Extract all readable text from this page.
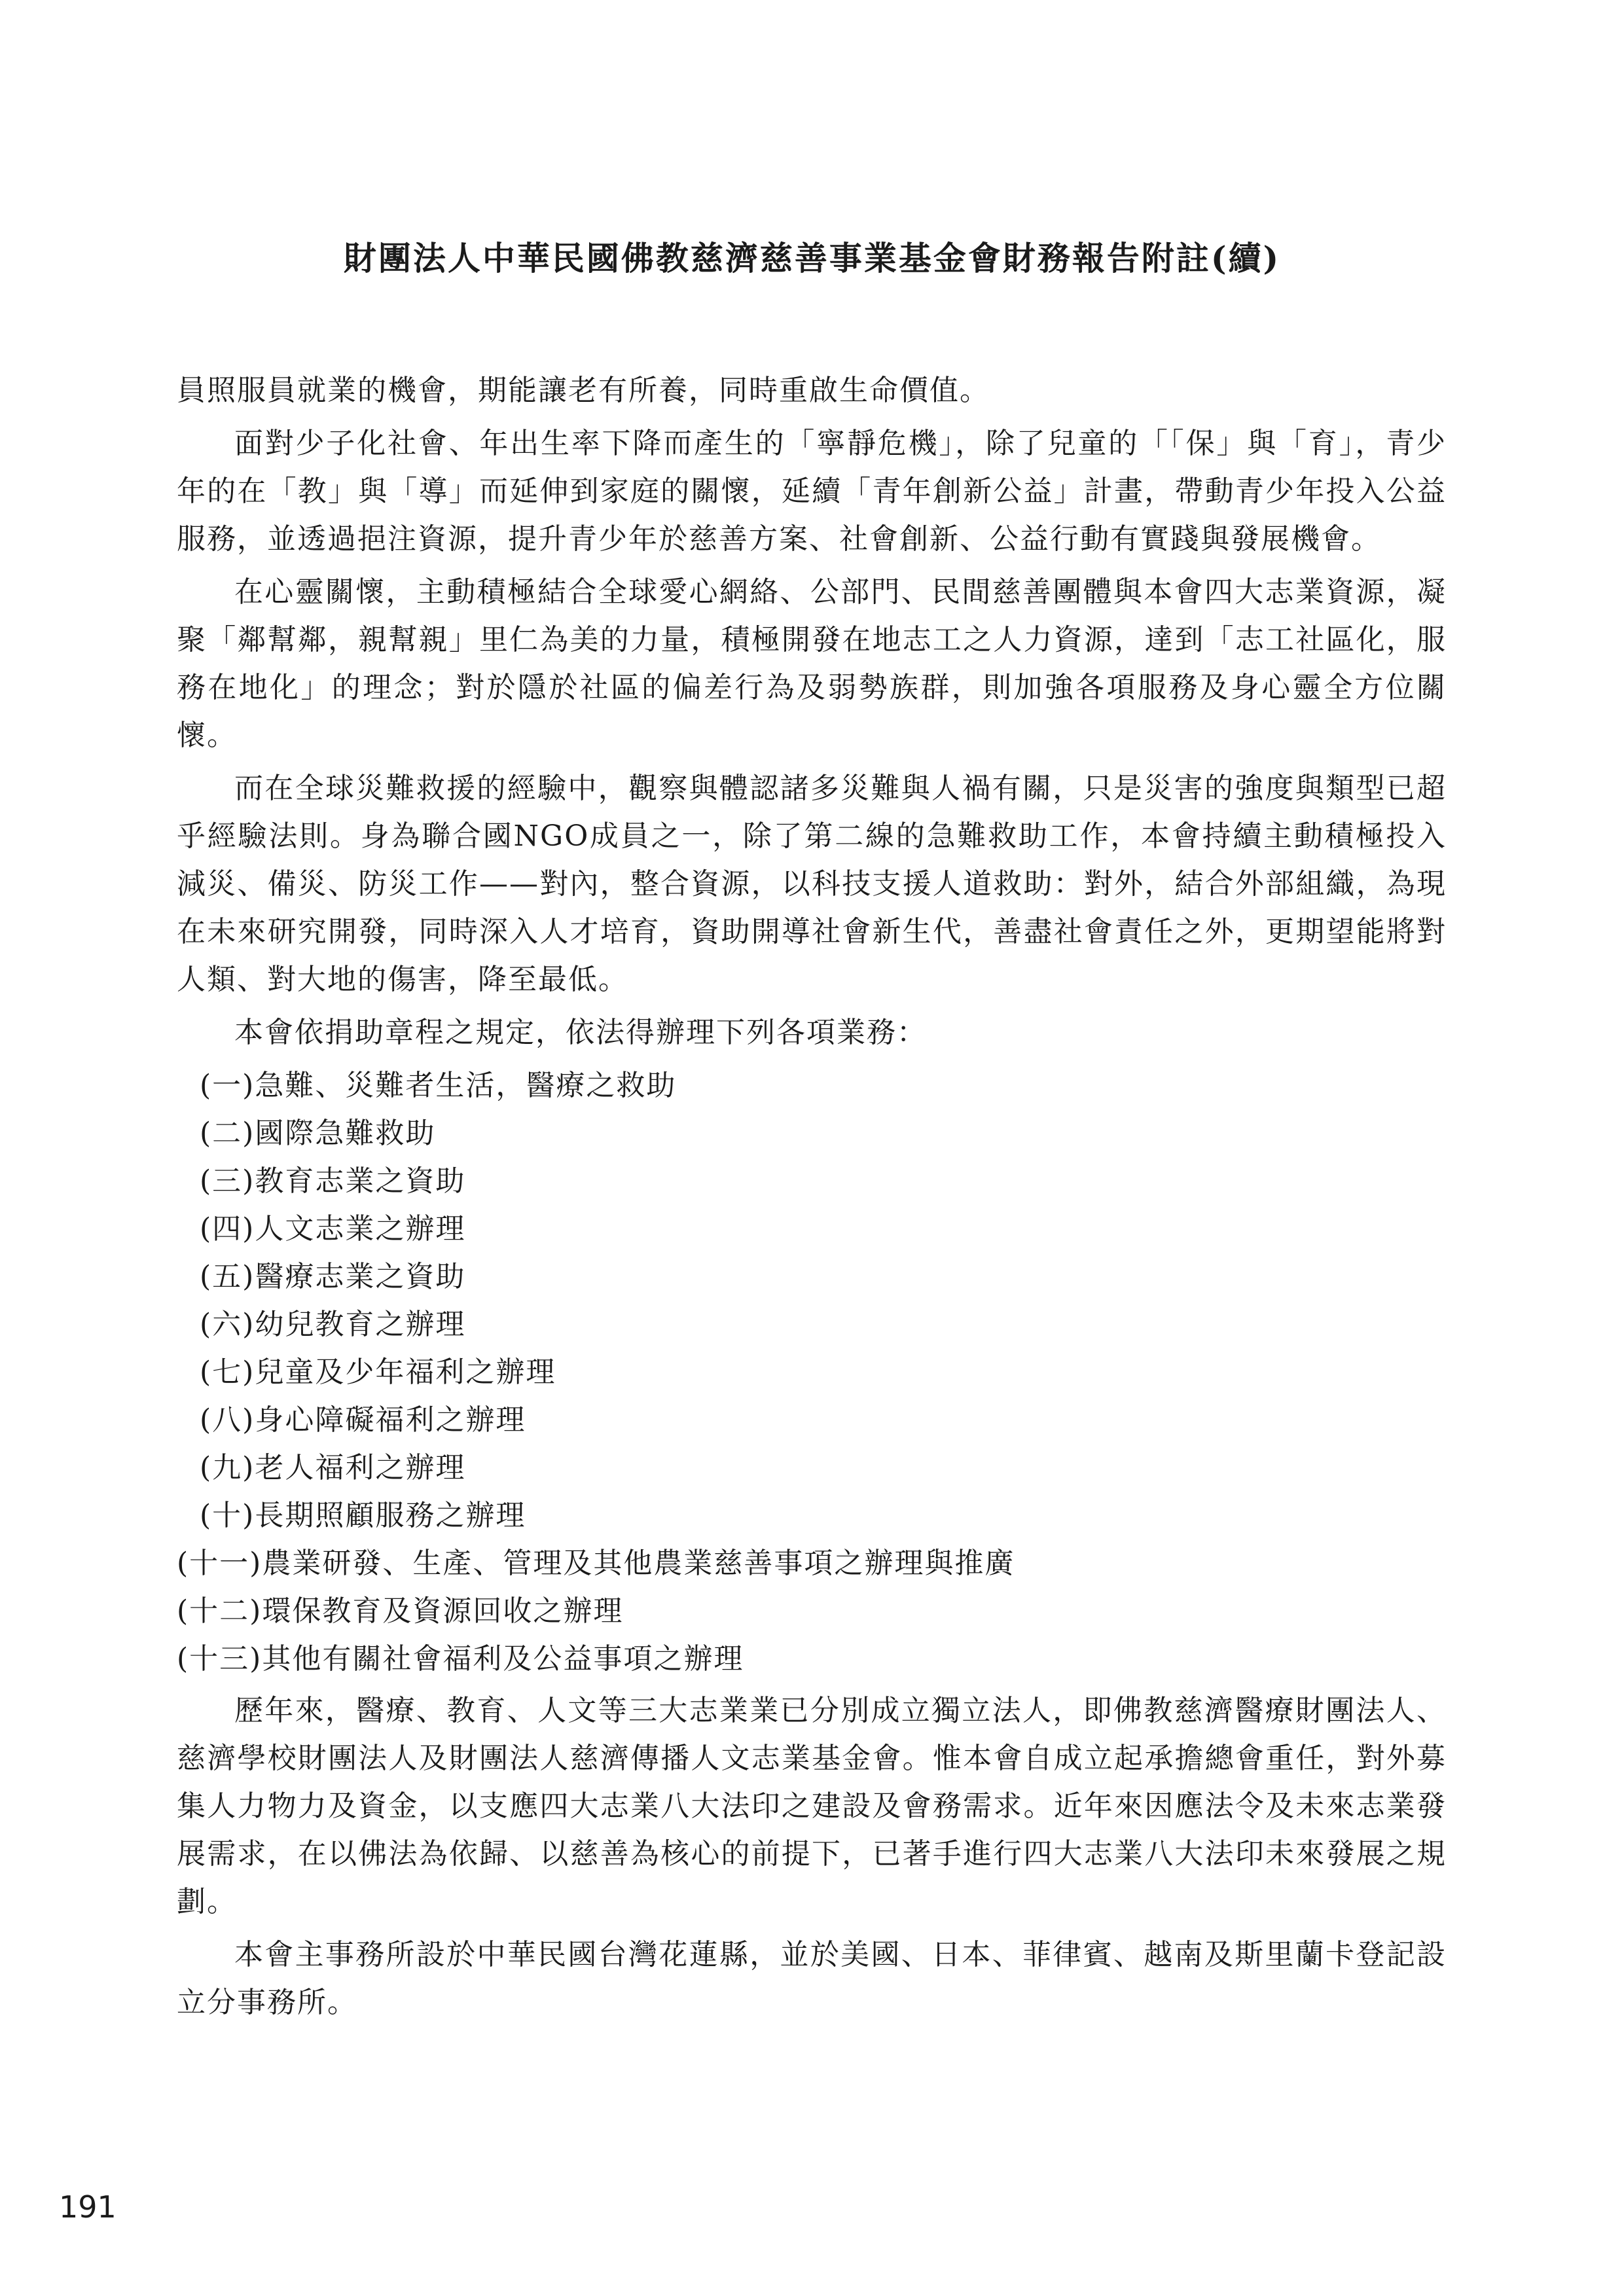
財團法人中華民國佛教慈濟慈善事業基金會財務報告附註(續)

員照服員就業的機會，期能讓老有所養，同時重啟生命價值。

面對少子化社會、年出生率下降而產生的「寧靜危機」，除了兒童的「「保」與「育」，青少年的在「教」與「導」而延伸到家庭的關懷，延續「青年創新公益」計畫，帶動青少年投入公益服務，並透過挹注資源，提升青少年於慈善方案、社會創新、公益行動有實踐與發展機會。

在心靈關懷，主動積極結合全球愛心網絡、公部門、民間慈善團體與本會四大志業資源，凝聚「鄰幫鄰，親幫親」里仁為美的力量，積極開發在地志工之人力資源，達到「志工社區化，服務在地化」的理念；對於隱於社區的偏差行為及弱勢族群，則加強各項服務及身心靈全方位關懷。

而在全球災難救援的經驗中，觀察與體認諸多災難與人禍有關，只是災害的強度與類型已超乎經驗法則。身為聯合國NGO成員之一，除了第二線的急難救助工作，本會持續主動積極投入減災、備災、防災工作——對內，整合資源，以科技支援人道救助：對外，結合外部組織，為現在未來研究開發，同時深入人才培育，資助開導社會新生代，善盡社會責任之外，更期望能將對人類、對大地的傷害，降至最低。

本會依捐助章程之規定，依法得辦理下列各項業務：

(一)急難、災難者生活，醫療之救助
(二)國際急難救助
(三)教育志業之資助
(四)人文志業之辦理
(五)醫療志業之資助
(六)幼兒教育之辦理
(七)兒童及少年福利之辦理
(八)身心障礙福利之辦理
(九)老人福利之辦理
(十)長期照顧服務之辦理
(十一)農業研發、生產、管理及其他農業慈善事項之辦理與推廣
(十二)環保教育及資源回收之辦理
(十三)其他有關社會福利及公益事項之辦理

歷年來，醫療、教育、人文等三大志業業已分別成立獨立法人，即佛教慈濟醫療財團法人、慈濟學校財團法人及財團法人慈濟傳播人文志業基金會。惟本會自成立起承擔總會重任，對外募集人力物力及資金，以支應四大志業八大法印之建設及會務需求。近年來因應法令及未來志業發展需求，在以佛法為依歸、以慈善為核心的前提下，已著手進行四大志業八大法印未來發展之規劃。

本會主事務所設於中華民國台灣花蓮縣，並於美國、日本、菲律賓、越南及斯里蘭卡登記設立分事務所。

191
